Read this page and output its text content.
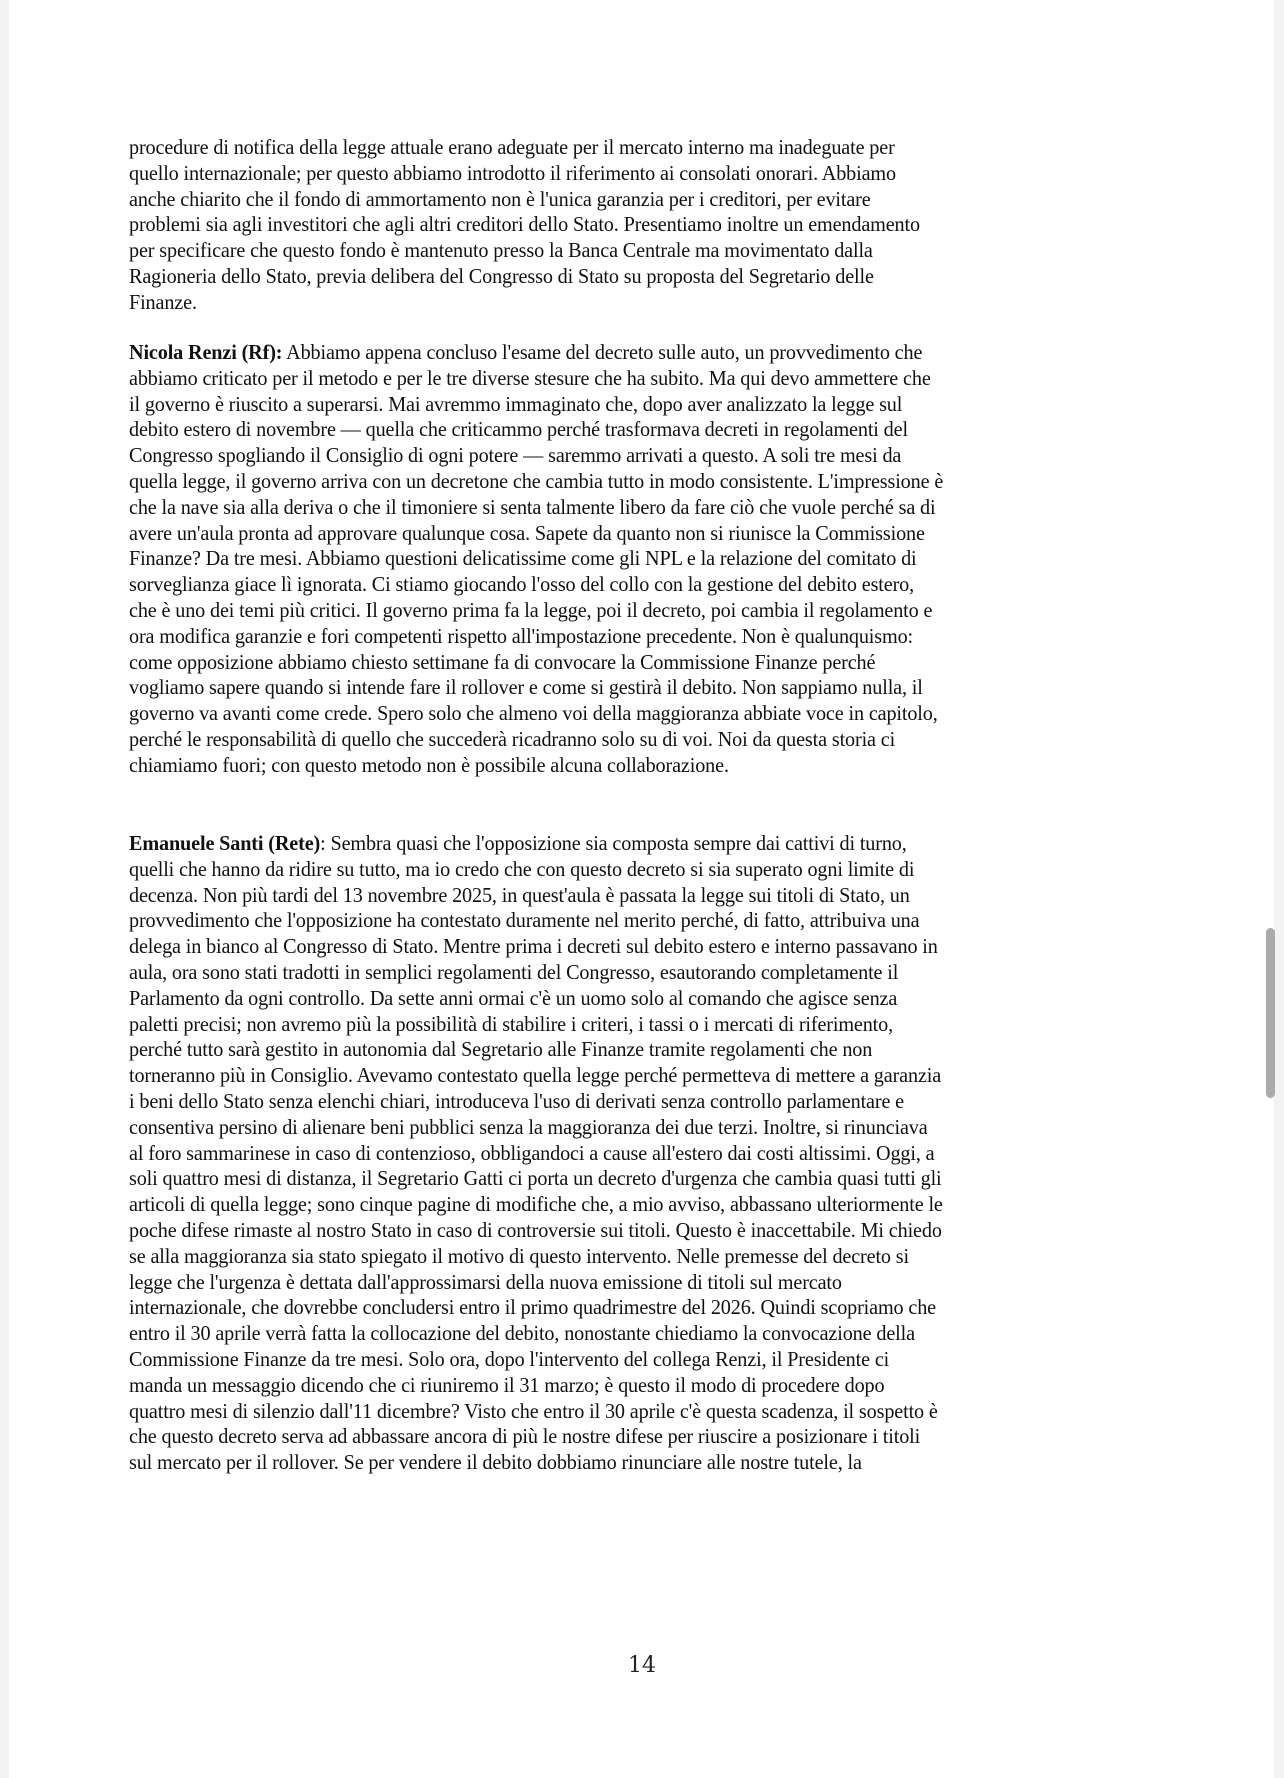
procedure di notifica della legge attuale erano adeguate per il mercato interno ma inadeguate per
quello internazionale; per questo abbiamo introdotto il riferimento ai consolati onorari. Abbiamo
anche chiarito che il fondo di ammortamento non è l'unica garanzia per i creditori, per evitare
problemi sia agli investitori che agli altri creditori dello Stato. Presentiamo inoltre un emendamento
per specificare che questo fondo è mantenuto presso la Banca Centrale ma movimentato dalla
Ragioneria dello Stato, previa delibera del Congresso di Stato su proposta del Segretario delle
Finanze.
Nicola Renzi (Rf): Abbiamo appena concluso l'esame del decreto sulle auto, un provvedimento che
abbiamo criticato per il metodo e per le tre diverse stesure che ha subito. Ma qui devo ammettere che
il governo è riuscito a superarsi. Mai avremmo immaginato che, dopo aver analizzato la legge sul
debito estero di novembre — quella che criticammo perché trasformava decreti in regolamenti del
Congresso spogliando il Consiglio di ogni potere — saremmo arrivati a questo. A soli tre mesi da
quella legge, il governo arriva con un decretone che cambia tutto in modo consistente. L'impressione è
che la nave sia alla deriva o che il timoniere si senta talmente libero da fare ciò che vuole perché sa di
avere un'aula pronta ad approvare qualunque cosa. Sapete da quanto non si riunisce la Commissione
Finanze? Da tre mesi. Abbiamo questioni delicatissime come gli NPL e la relazione del comitato di
sorveglianza giace lì ignorata. Ci stiamo giocando l'osso del collo con la gestione del debito estero,
che è uno dei temi più critici. Il governo prima fa la legge, poi il decreto, poi cambia il regolamento e
ora modifica garanzie e fori competenti rispetto all'impostazione precedente. Non è qualunquismo:
come opposizione abbiamo chiesto settimane fa di convocare la Commissione Finanze perché
vogliamo sapere quando si intende fare il rollover e come si gestirà il debito. Non sappiamo nulla, il
governo va avanti come crede. Spero solo che almeno voi della maggioranza abbiate voce in capitolo,
perché le responsabilità di quello che succederà ricadranno solo su di voi. Noi da questa storia ci
chiamiamo fuori; con questo metodo non è possibile alcuna collaborazione.
Emanuele Santi (Rete): Sembra quasi che l'opposizione sia composta sempre dai cattivi di turno,
quelli che hanno da ridire su tutto, ma io credo che con questo decreto si sia superato ogni limite di
decenza. Non più tardi del 13 novembre 2025, in quest'aula è passata la legge sui titoli di Stato, un
provvedimento che l'opposizione ha contestato duramente nel merito perché, di fatto, attribuiva una
delega in bianco al Congresso di Stato. Mentre prima i decreti sul debito estero e interno passavano in
aula, ora sono stati tradotti in semplici regolamenti del Congresso, esautorando completamente il
Parlamento da ogni controllo. Da sette anni ormai c'è un uomo solo al comando che agisce senza
paletti precisi; non avremo più la possibilità di stabilire i criteri, i tassi o i mercati di riferimento,
perché tutto sarà gestito in autonomia dal Segretario alle Finanze tramite regolamenti che non
torneranno più in Consiglio. Avevamo contestato quella legge perché permetteva di mettere a garanzia
i beni dello Stato senza elenchi chiari, introduceva l'uso di derivati senza controllo parlamentare e
consentiva persino di alienare beni pubblici senza la maggioranza dei due terzi. Inoltre, si rinunciava
al foro sammarinese in caso di contenzioso, obbligandoci a cause all'estero dai costi altissimi. Oggi, a
soli quattro mesi di distanza, il Segretario Gatti ci porta un decreto d'urgenza che cambia quasi tutti gli
articoli di quella legge; sono cinque pagine di modifiche che, a mio avviso, abbassano ulteriormente le
poche difese rimaste al nostro Stato in caso di controversie sui titoli. Questo è inaccettabile. Mi chiedo
se alla maggioranza sia stato spiegato il motivo di questo intervento. Nelle premesse del decreto si
legge che l'urgenza è dettata dall'approssimarsi della nuova emissione di titoli sul mercato
internazionale, che dovrebbe concludersi entro il primo quadrimestre del 2026. Quindi scopriamo che
entro il 30 aprile verrà fatta la collocazione del debito, nonostante chiediamo la convocazione della
Commissione Finanze da tre mesi. Solo ora, dopo l'intervento del collega Renzi, il Presidente ci
manda un messaggio dicendo che ci riuniremo il 31 marzo; è questo il modo di procedere dopo
quattro mesi di silenzio dall'11 dicembre? Visto che entro il 30 aprile c'è questa scadenza, il sospetto è
che questo decreto serva ad abbassare ancora di più le nostre difese per riuscire a posizionare i titoli
sul mercato per il rollover. Se per vendere il debito dobbiamo rinunciare alle nostre tutele, la
14
